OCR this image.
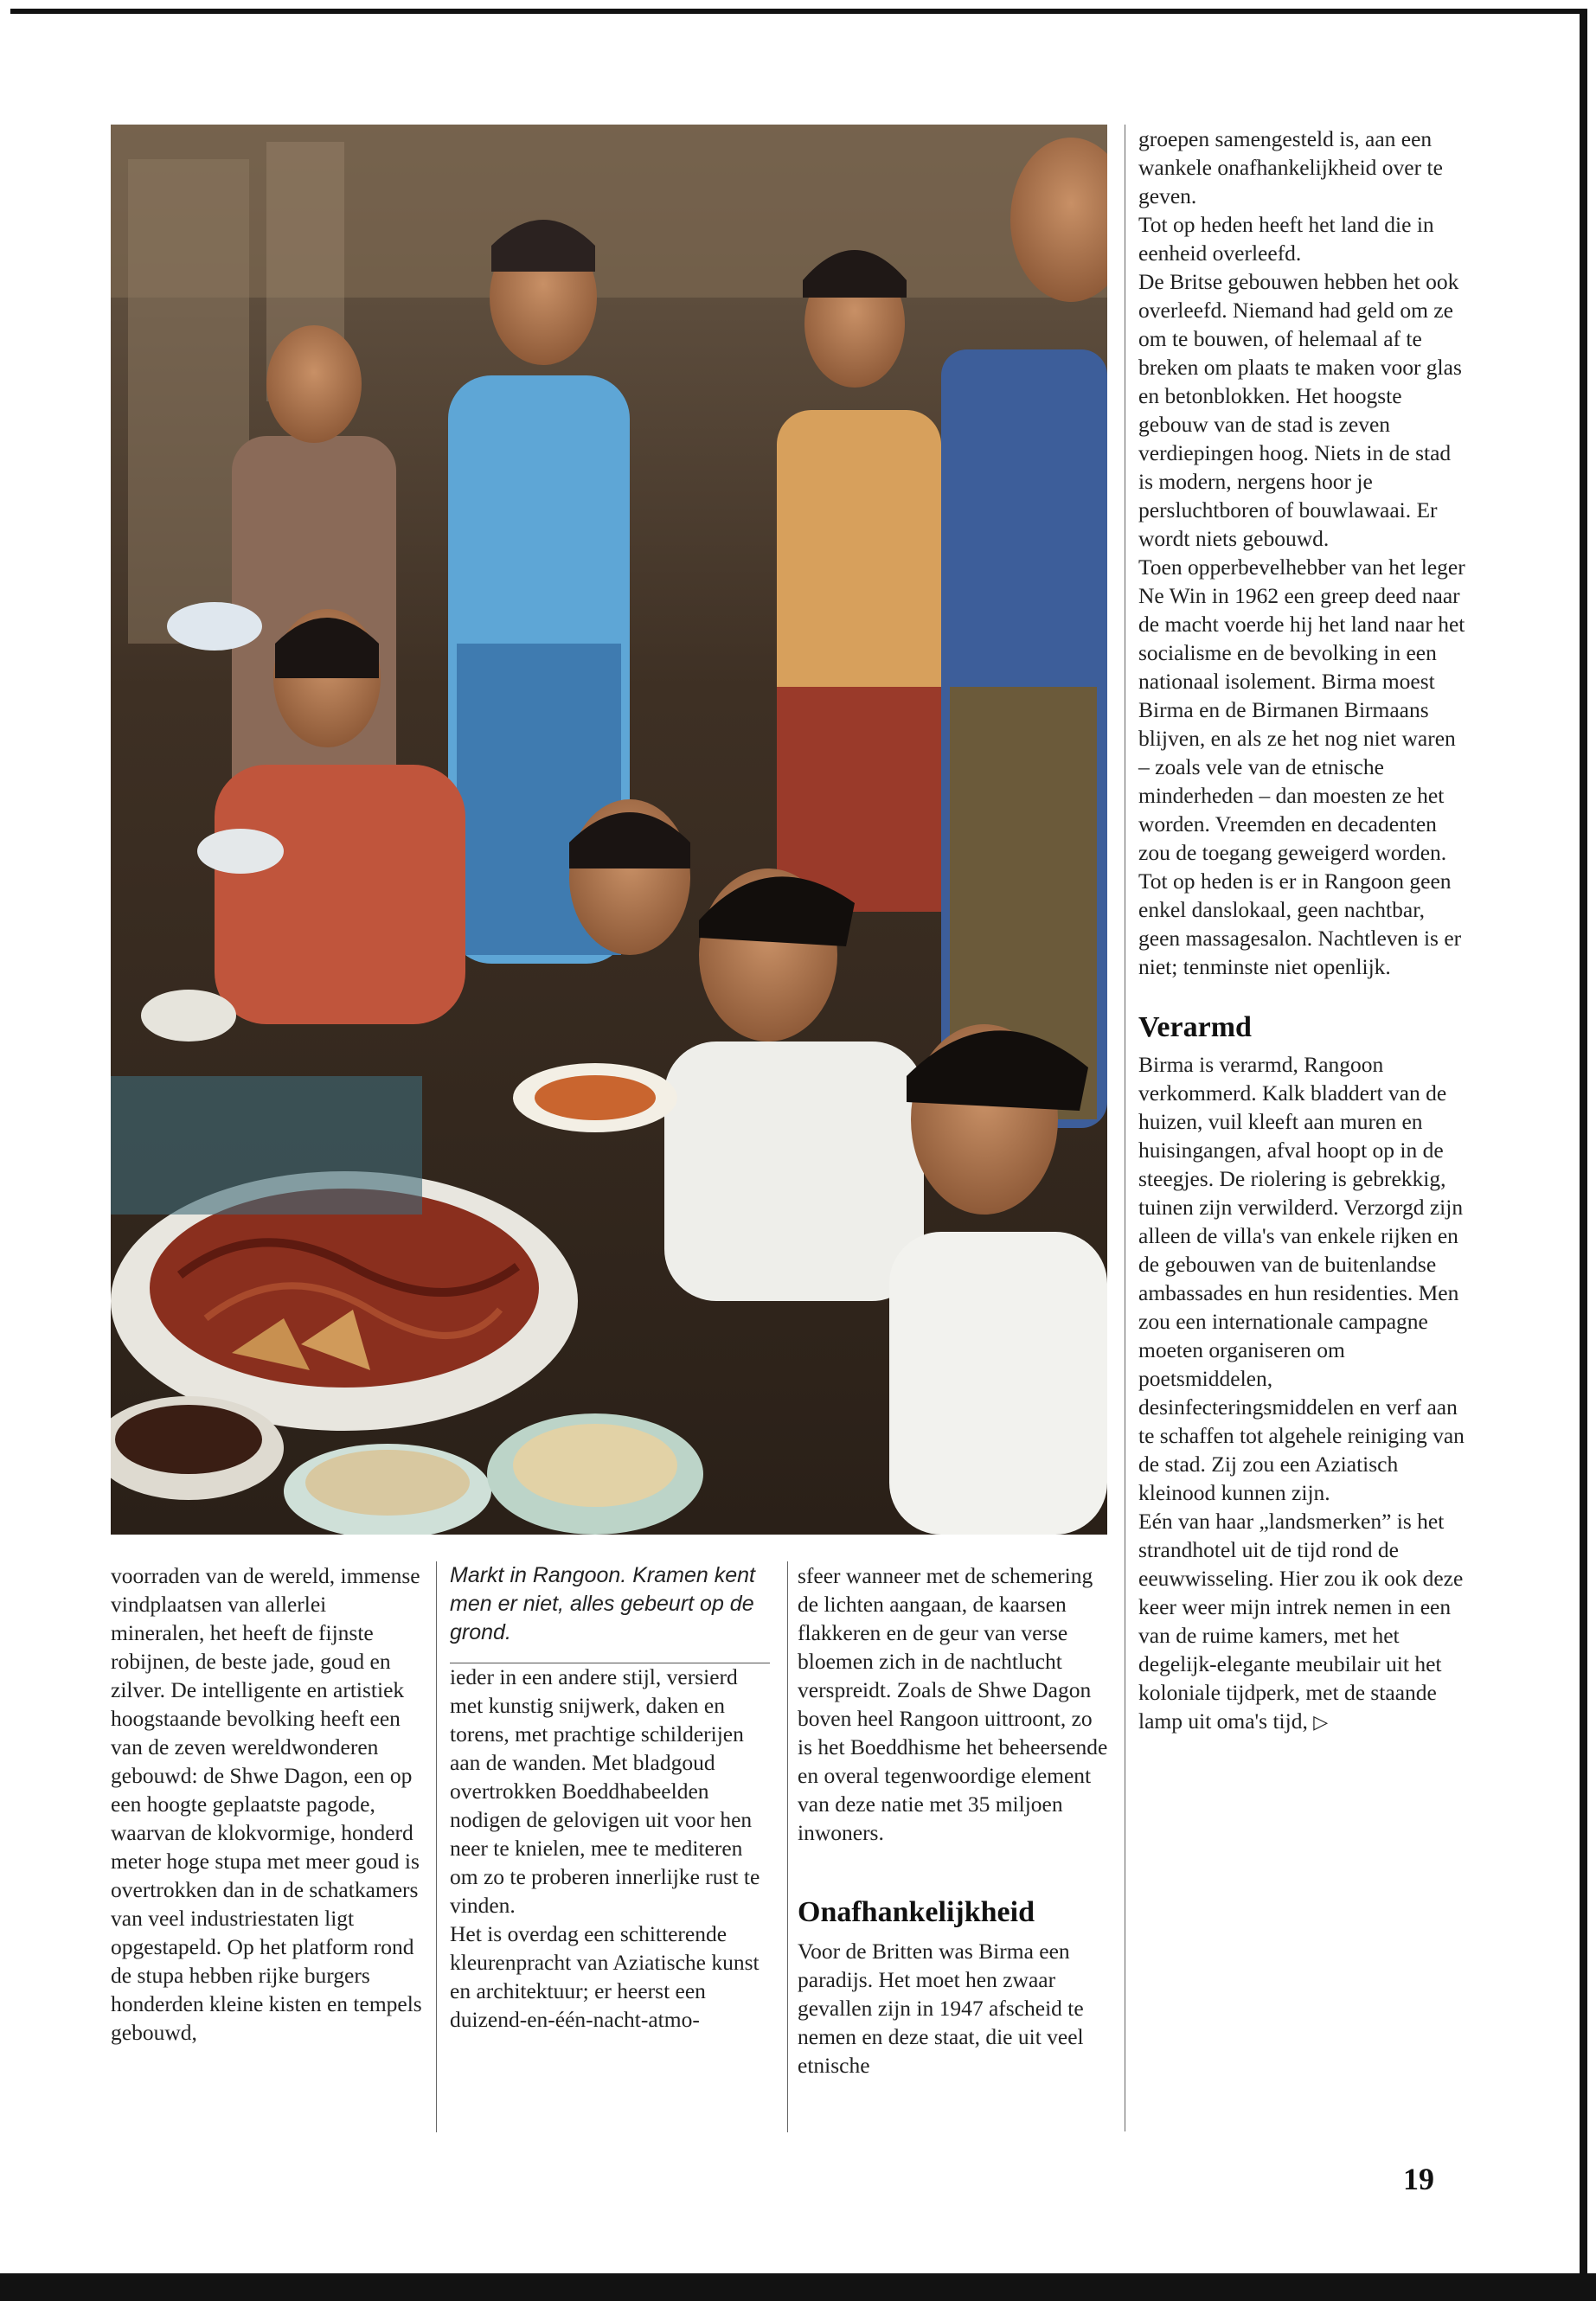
Markt in Rangoon. Kramen kent men er niet, alles gebeurt op de grond.

voorraden van de wereld, immense vindplaatsen van allerlei mineralen, het heeft de fijnste robijnen, de beste jade, goud en zilver. De intelligente en artistiek hoogstaande bevolking heeft een van de zeven wereldwonderen gebouwd: de Shwe Dagon, een op een hoogte geplaatste pagode, waarvan de klokvormige, honderd meter hoge stupa met meer goud is overtrokken dan in de schatkamers van veel industriestaten ligt opgestapeld. Op het platform rond de stupa hebben rijke burgers honderden kleine kisten en tempels gebouwd,

ieder in een andere stijl, versierd met kunstig snijwerk, daken en torens, met prachtige schilderijen aan de wanden. Met bladgoud overtrokken Boeddhabeelden nodigen de gelovigen uit voor hen neer te knielen, mee te mediteren om zo te proberen innerlijke rust te vinden.

Het is overdag een schitterende kleurenpracht van Aziatische kunst en architektuur; er heerst een duizend-en-één-nacht-atmo-

sfeer wanneer met de schemering de lichten aangaan, de kaarsen flakkeren en de geur van verse bloemen zich in de nachtlucht verspreidt. Zoals de Shwe Dagon boven heel Rangoon uittroont, zo is het Boeddhisme het beheersende en overal tegenwoordige element van deze natie met 35 miljoen inwoners.

Onafhankelijkheid

Voor de Britten was Birma een paradijs. Het moet hen zwaar gevallen zijn in 1947 afscheid te nemen en deze staat, die uit veel etnische

groepen samengesteld is, aan een wankele onafhankelijkheid over te geven.

Tot op heden heeft het land die in eenheid overleefd.

De Britse gebouwen hebben het ook overleefd. Niemand had geld om ze om te bouwen, of helemaal af te breken om plaats te maken voor glas en betonblokken. Het hoogste gebouw van de stad is zeven verdiepingen hoog. Niets in de stad is modern, nergens hoor je persluchtboren of bouwlawaai. Er wordt niets gebouwd.

Toen opperbevelhebber van het leger Ne Win in 1962 een greep deed naar de macht voerde hij het land naar het socialisme en de bevolking in een nationaal isolement. Birma moest Birma en de Birmanen Birmaans blijven, en als ze het nog niet waren – zoals vele van de etnische minderheden – dan moesten ze het worden. Vreemden en decadenten zou de toegang geweigerd worden.

Tot op heden is er in Rangoon geen enkel danslokaal, geen nachtbar, geen massagesalon. Nachtleven is er niet; tenminste niet openlijk.

Verarmd

Birma is verarmd, Rangoon verkommerd. Kalk bladdert van de huizen, vuil kleeft aan muren en huisingangen, afval hoopt op in de steegjes. De riolering is gebrekkig, tuinen zijn verwilderd. Verzorgd zijn alleen de villa's van enkele rijken en de gebouwen van de buitenlandse ambassades en hun residenties. Men zou een internationale campagne moeten organiseren om poetsmiddelen, desinfecteringsmiddelen en verf aan te schaffen tot algehele reiniging van de stad. Zij zou een Aziatisch kleinood kunnen zijn.

Eén van haar „landsmerken” is het strandhotel uit de tijd rond de eeuwwisseling. Hier zou ik ook deze keer weer mijn intrek nemen in een van de ruime kamers, met het degelijk-elegante meubilair uit het koloniale tijdperk, met de staande lamp uit oma's tijd, ▷

19
